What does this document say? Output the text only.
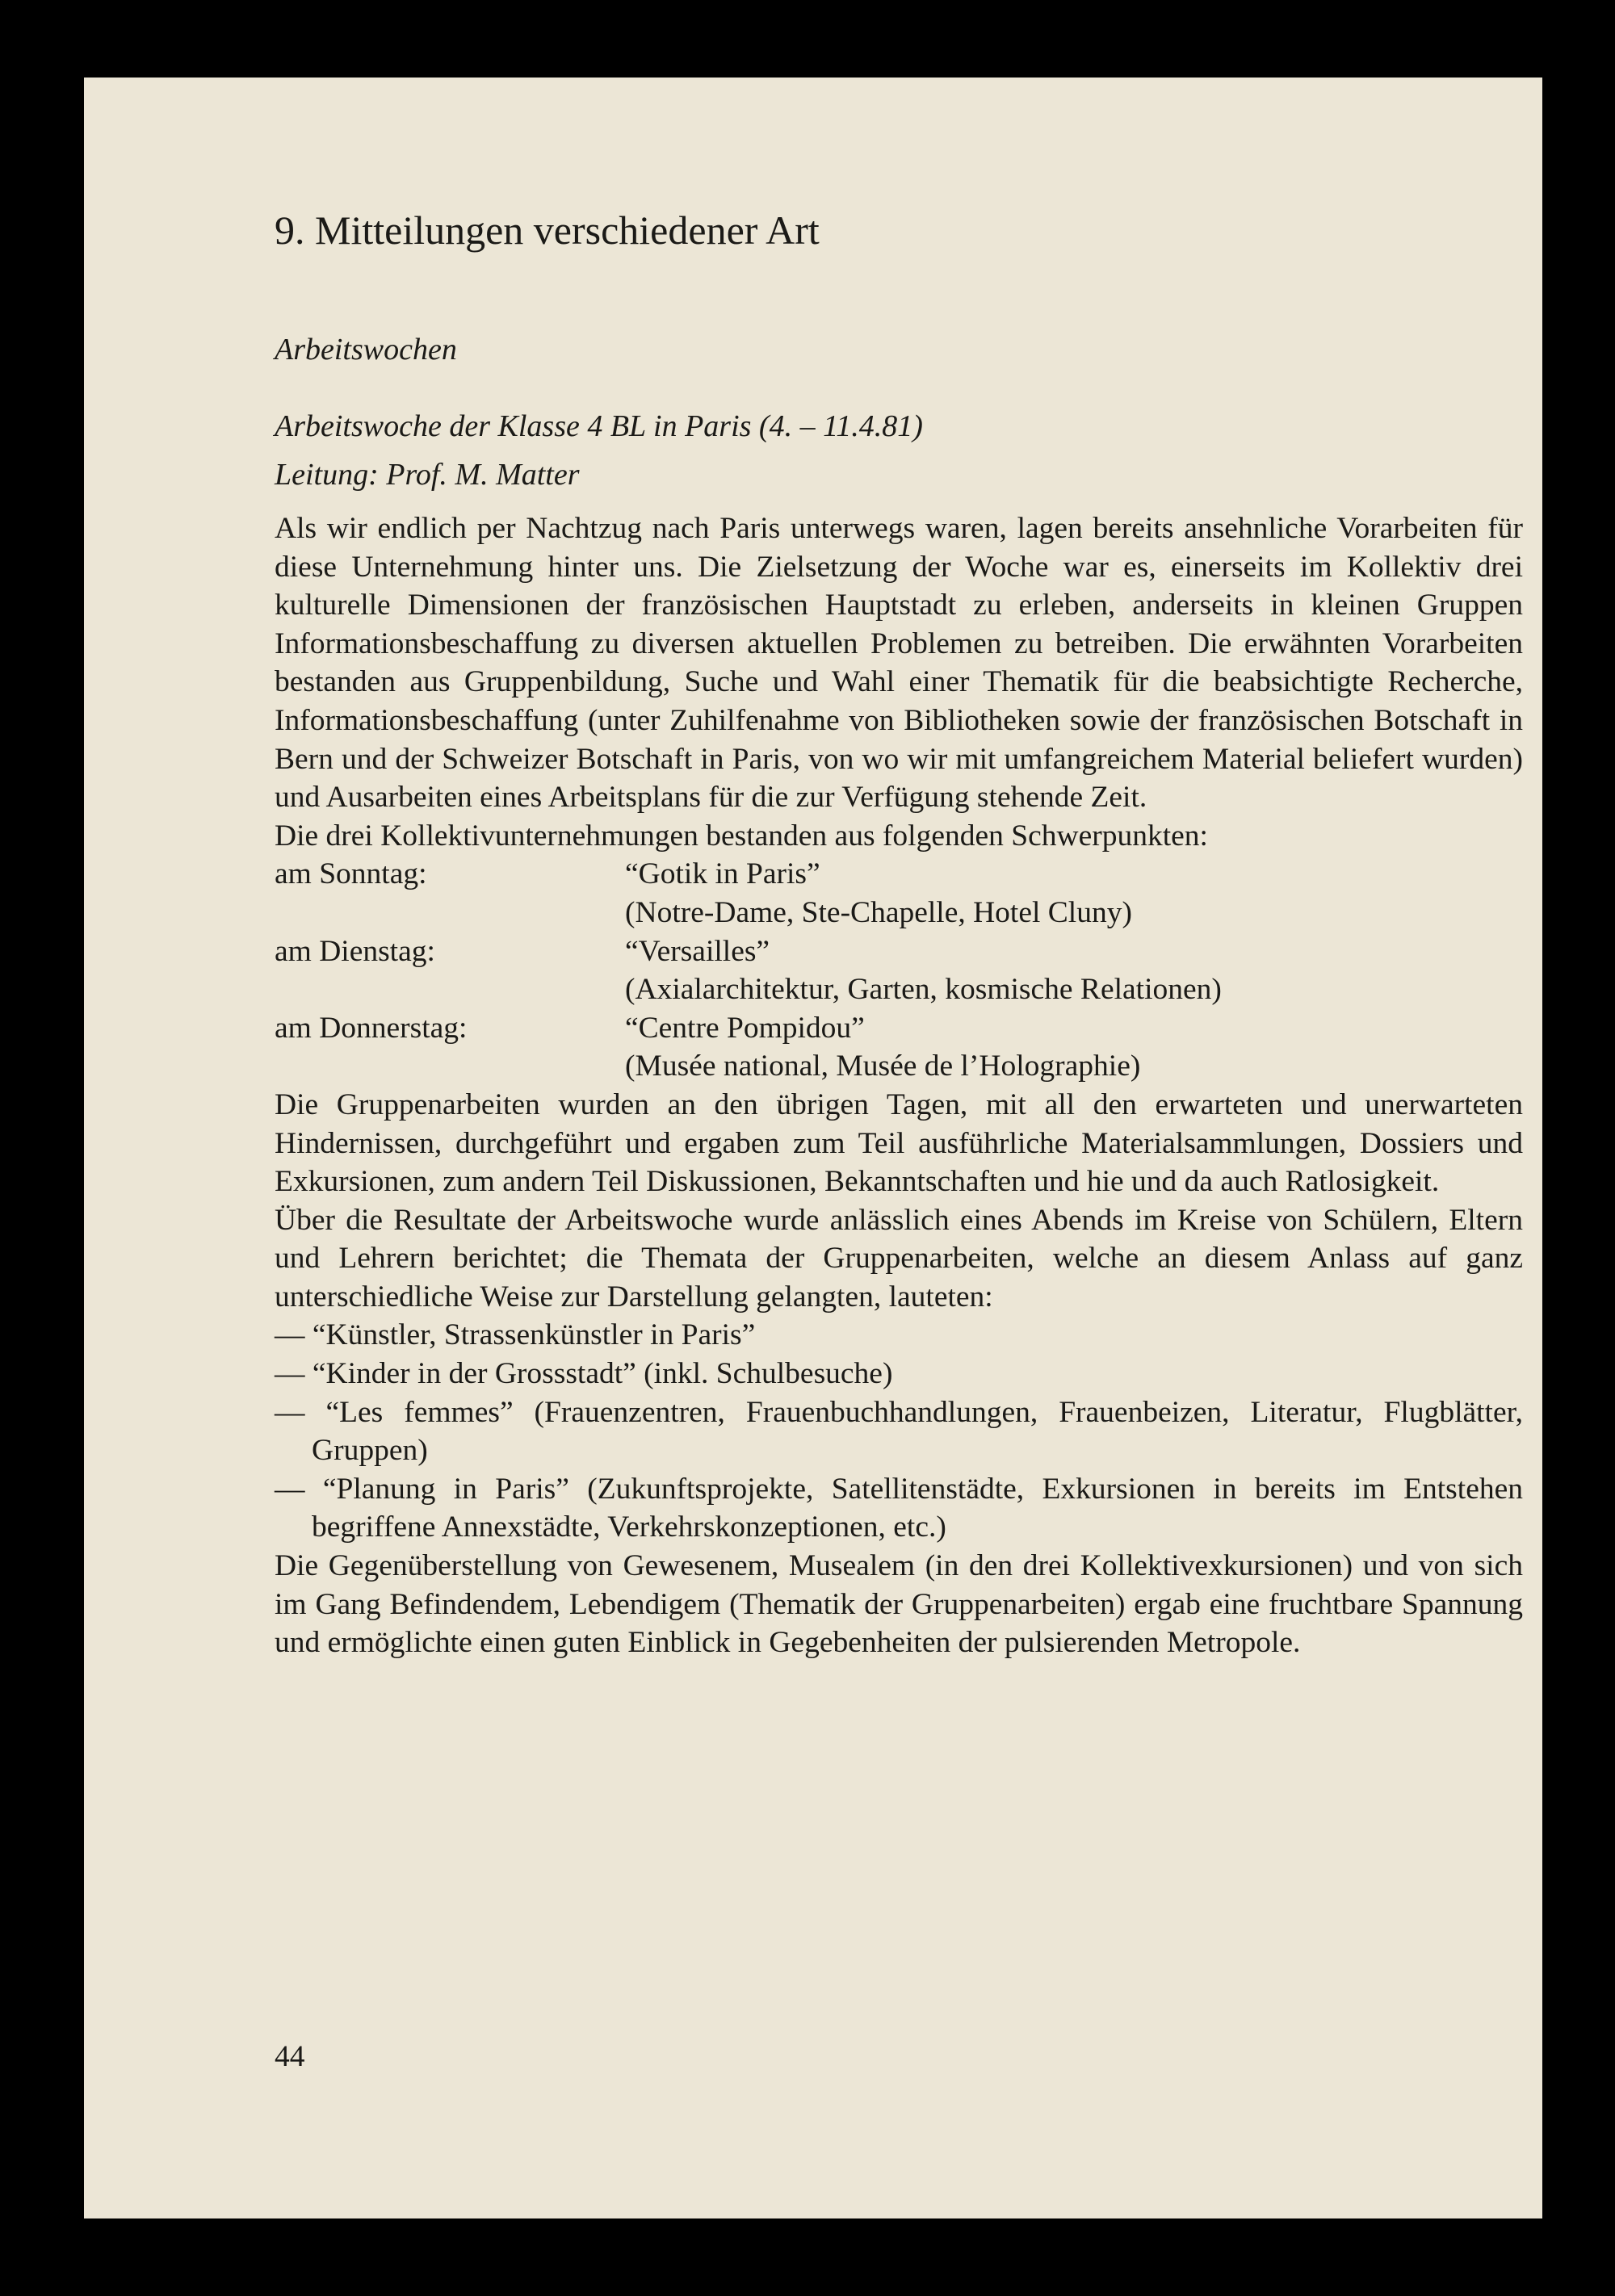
9. Mitteilungen verschiedener Art
Arbeitswochen
Arbeitswoche der Klasse 4 BL in Paris (4. – 11.4.81)
Leitung: Prof. M. Matter
Als wir endlich per Nachtzug nach Paris unterwegs waren, lagen bereits ansehnliche Vorarbeiten für diese Unternehmung hinter uns. Die Zielsetzung der Woche war es, einerseits im Kollektiv drei kulturelle Dimensionen der französischen Hauptstadt zu erleben, anderseits in kleinen Gruppen Informationsbeschaffung zu diversen aktuellen Problemen zu betreiben. Die erwähnten Vorarbeiten bestanden aus Gruppenbildung, Suche und Wahl einer Thematik für die beabsichtigte Recherche, Informationsbeschaffung (unter Zuhilfenahme von Bibliotheken sowie der französischen Botschaft in Bern und der Schweizer Botschaft in Paris, von wo wir mit umfangreichem Material beliefert wurden) und Ausarbeiten eines Arbeitsplans für die zur Verfügung stehende Zeit.
Die drei Kollektivunternehmungen bestanden aus folgenden Schwerpunkten:
am Sonntag:	“Gotik in Paris”
(Notre-Dame, Ste-Chapelle, Hotel Cluny)
am Dienstag:	“Versailles”
(Axialarchitektur, Garten, kosmische Relationen)
am Donnerstag:	“Centre Pompidou”
(Musée national, Musée de l’Holographie)
Die Gruppenarbeiten wurden an den übrigen Tagen, mit all den erwarteten und unerwarteten Hindernissen, durchgeführt und ergaben zum Teil ausführliche Materialsammlungen, Dossiers und Exkursionen, zum andern Teil Diskussionen, Bekanntschaften und hie und da auch Ratlosigkeit.
Über die Resultate der Arbeitswoche wurde anlässlich eines Abends im Kreise von Schülern, Eltern und Lehrern berichtet; die Themata der Gruppenarbeiten, welche an diesem Anlass auf ganz unterschiedliche Weise zur Darstellung gelangten, lauteten:
— “Künstler, Strassenkünstler in Paris”
— “Kinder in der Grossstadt” (inkl. Schulbesuche)
— “Les femmes” (Frauenzentren, Frauenbuchhandlungen, Frauenbeizen, Literatur, Flugblätter, Gruppen)
— “Planung in Paris” (Zukunftsprojekte, Satellitenstädte, Exkursionen in bereits im Entstehen begriffene Annexstädte, Verkehrskonzeptionen, etc.)
Die Gegenüberstellung von Gewesenem, Musealem (in den drei Kollektivexkursionen) und von sich im Gang Befindendem, Lebendigem (Thematik der Gruppenarbeiten) ergab eine fruchtbare Spannung und ermöglichte einen guten Einblick in Gegebenheiten der pulsierenden Metropole.
44
